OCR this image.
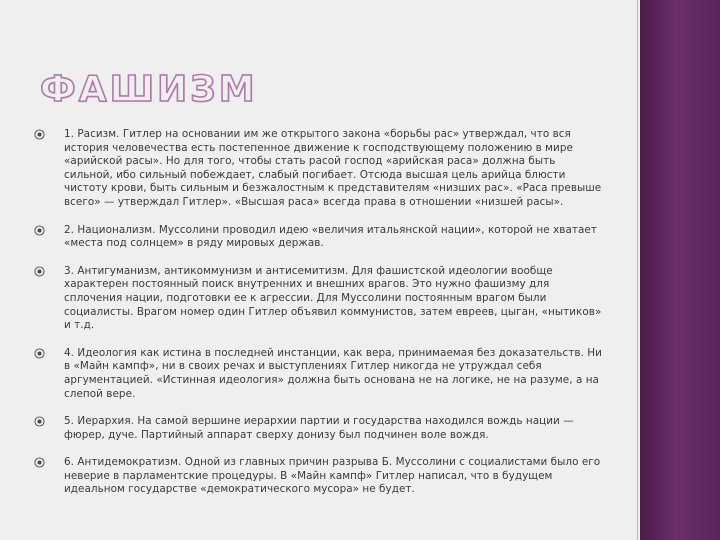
ФАШИЗМ
1. Расизм. Гитлер на основании им же открытого закона «борьбы рас» утверждал, что вся история человечества есть постепенное движение к господствующему положению в мире «арийской расы». Но для того, чтобы стать расой господ «арийская раса» должна быть сильной, ибо сильный побеждает, слабый погибает. Отсюда высшая цель арийца блюсти чистоту крови, быть сильным и безжалостным к представителям «низших рас». «Раса превыше всего» — утверждал Гитлер». «Высшая раса» всегда права в отношении «низшей расы».
2. Национализм. Муссолини проводил идею «величия итальянской нации», которой не хватает «места под солнцем» в ряду мировых держав.
3. Антигуманизм, антикоммунизм и антисемитизм. Для фашистской идеологии вообще характерен постоянный поиск внутренних и внешних врагов. Это нужно фашизму для сплочения нации, подготовки ее к агрессии. Для Муссолини постоянным врагом были социалисты. Врагом номер один Гитлер объявил коммунистов, затем евреев, цыган, «нытиков» и т.д.
4. Идеология как истина в последней инстанции, как вера, принимаемая без доказательств. Ни в «Майн кампф», ни в своих речах и выступлениях Гитлер никогда не утруждал себя аргументацией. «Истинная идеология» должна быть основана не на логике, не на разуме, а на слепой вере.
5. Иерархия. На самой вершине иерархии партии и государства находился вождь нации — фюрер, дуче. Партийный аппарат сверху донизу был подчинен воле вождя.
6. Антидемократизм. Одной из главных причин разрыва Б. Муссолини с социалистами было его неверие в парламентские процедуры. В «Майн кампф» Гитлер написал, что в будущем идеальном государстве «демократического мусора» не будет.
